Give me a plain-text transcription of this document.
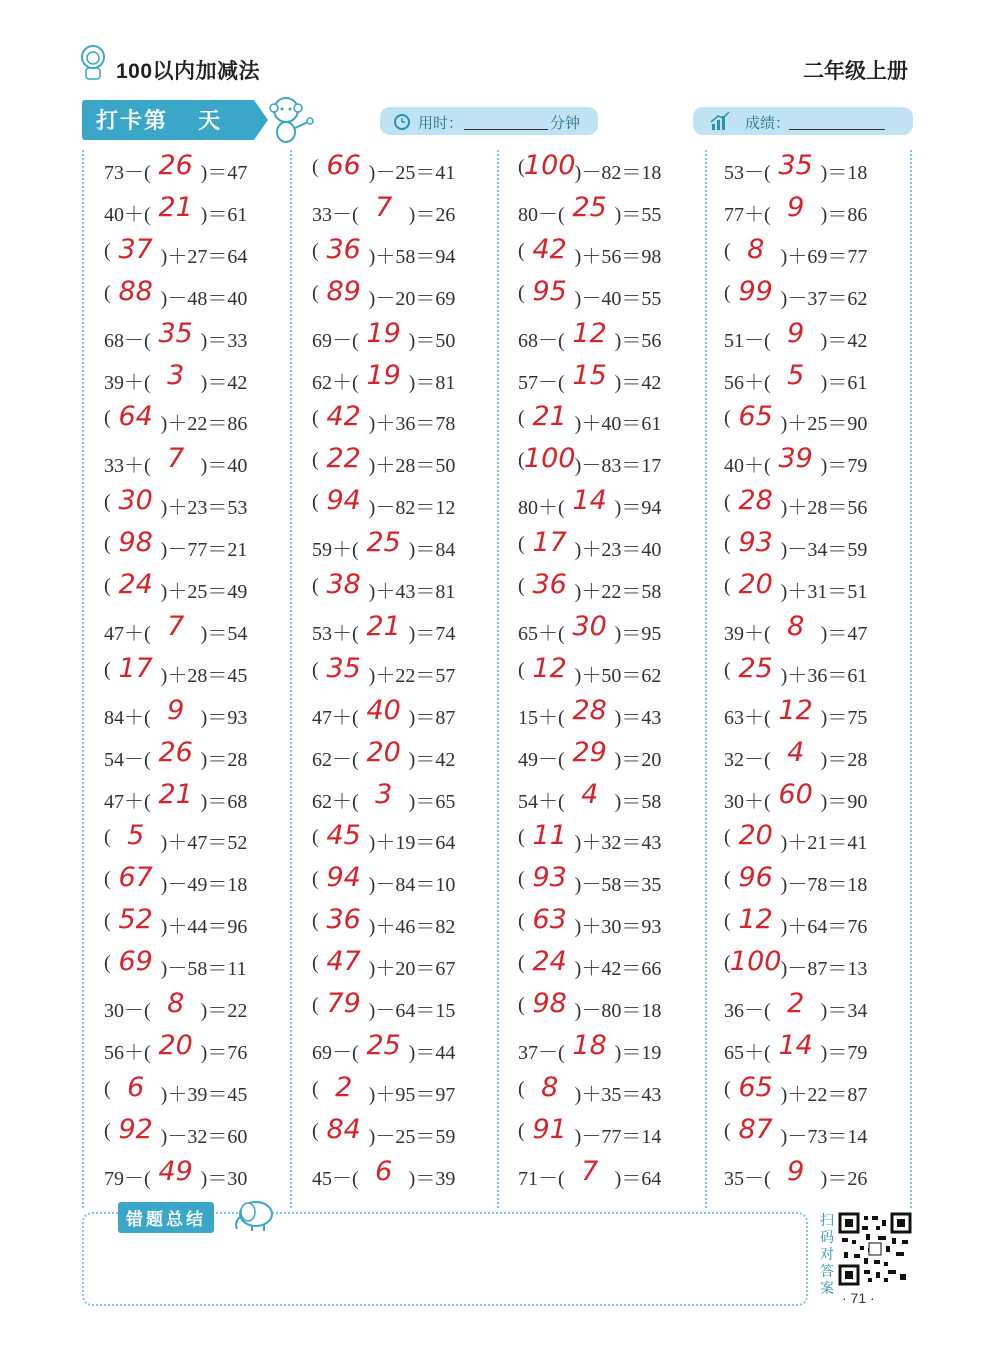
100以内加减法	二年级上册
打卡第 天	用时：	分钟	成绩：
73－( 26 )＝47
40＋( 21 )＝61
( 37 )＋27＝64
( 88 )－48＝40
68－( 35 )＝33
39＋( 3 )＝42
( 64 )＋22＝86
33＋( 7 )＝40
( 30 )＋23＝53
( 98 )－77＝21
( 24 )＋25＝49
47＋( 7 )＝54
( 17 )＋28＝45
84＋( 9 )＝93
54－( 26 )＝28
47＋( 21 )＝68
( 5 )＋47＝52
( 67 )－49＝18
( 52 )＋44＝96
( 69 )－58＝11
30－( 8 )＝22
56＋( 20 )＝76
( 6 )＋39＝45
( 92 )－32＝60
79－( 49 )＝30
( 66 )－25＝41
33－( 7 )＝26
( 36 )＋58＝94
( 89 )－20＝69
69－( 19 )＝50
62＋( 19 )＝81
( 42 )＋36＝78
( 22 )＋28＝50
( 94 )－82＝12
59＋( 25 )＝84
( 38 )＋43＝81
53＋( 21 )＝74
( 35 )＋22＝57
47＋( 40 )＝87
62－( 20 )＝42
62＋( 3 )＝65
( 45 )＋19＝64
( 94 )－84＝10
( 36 )＋46＝82
( 47 )＋20＝67
( 79 )－64＝15
69－( 25 )＝44
( 2 )＋95＝97
( 84 )－25＝59
45－( 6 )＝39
( 100 )－82＝18
80－( 25 )＝55
( 42 )＋56＝98
( 95 )－40＝55
68－( 12 )＝56
57－( 15 )＝42
( 21 )＋40＝61
( 100 )－83＝17
80＋( 14 )＝94
( 17 )＋23＝40
( 36 )＋22＝58
65＋( 30 )＝95
( 12 )＋50＝62
15＋( 28 )＝43
49－( 29 )＝20
54＋( 4 )＝58
( 11 )＋32＝43
( 93 )－58＝35
( 63 )＋30＝93
( 24 )＋42＝66
( 98 )－80＝18
37－( 18 )＝19
( 8 )＋35＝43
( 91 )－77＝14
71－( 7 )＝64
53－( 35 )＝18
77＋( 9 )＝86
( 8 )＋69＝77
( 99 )－37＝62
51－( 9 )＝42
56＋( 5 )＝61
( 65 )＋25＝90
40＋( 39 )＝79
( 28 )＋28＝56
( 93 )－34＝59
( 20 )＋31＝51
39＋( 8 )＝47
( 25 )＋36＝61
63＋( 12 )＝75
32－( 4 )＝28
30＋( 60 )＝90
( 20 )＋21＝41
( 96 )－78＝18
( 12 )＋64＝76
( 100 )－87＝13
36－( 2 )＝34
65＋( 14 )＝79
( 65 )＋22＝87
( 87 )－73＝14
35－( 9 )＝26
错题总结	扫码对答案
· 71 ·
